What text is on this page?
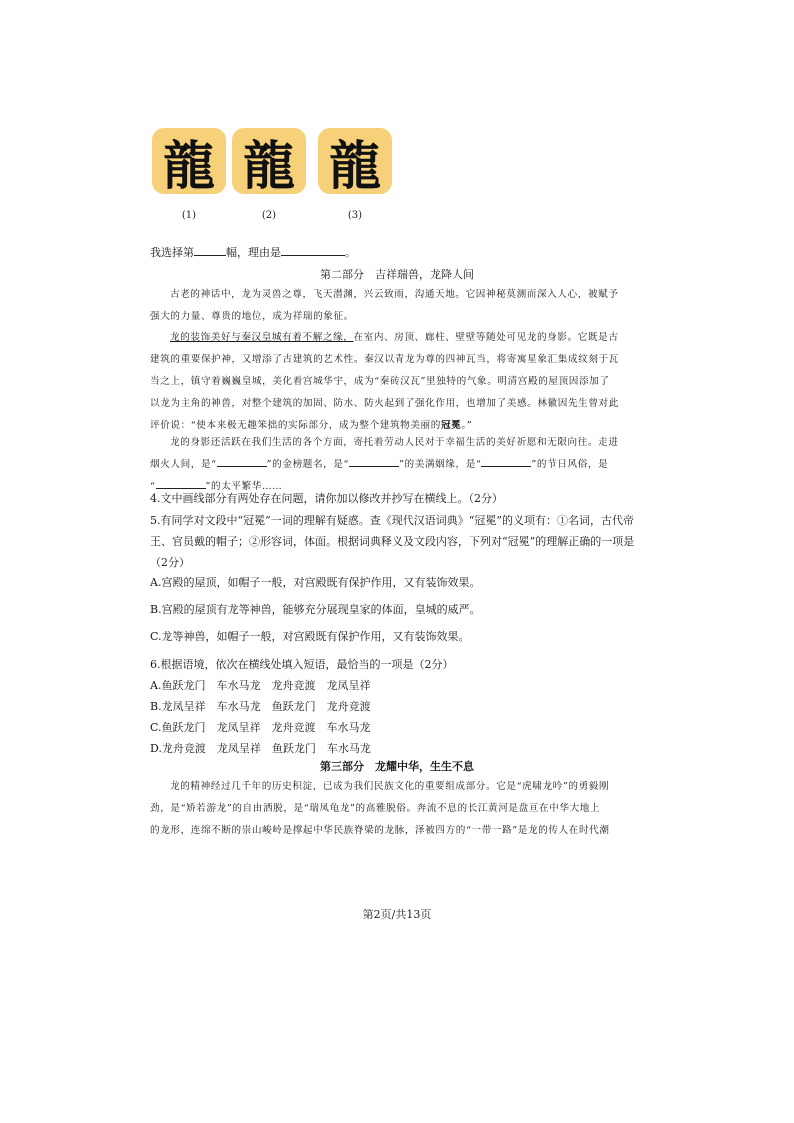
龍 龍 龍
(1)	(2)	(3)
我选择第	幅，理由是	。
第二部分　吉祥瑞兽，龙降人间
古老的神话中，龙为灵兽之尊，飞天潜渊，兴云致雨，沟通天地。它因神秘莫测而深入人心，被赋予
强大的力量、尊贵的地位，成为祥瑞的象征。
龙的装饰美好与秦汉皇城有着不解之缘，在室内、房顶、廊柱、壁壁等随处可见龙的身影。它既是古
建筑的重要保护神，又增添了古建筑的艺术性。秦汉以青龙为尊的四神瓦当，将寄寓星象汇集成纹刻于瓦
当之上，镇守着巍巍皇城，美化着宫城华宇，成为“秦砖汉瓦”里独特的气象。明清宫殿的屋顶因添加了
以龙为主角的神兽，对整个建筑的加固、防水、防火起到了强化作用，也增加了美感。林徽因先生曾对此
评价说：“使本来极无趣笨拙的实际部分，成为整个建筑物美丽的冠冕。”
龙的身影还活跃在我们生活的各个方面，寄托着劳动人民对于幸福生活的美好祈愿和无限向往。走进
烟火人间，是“	”的金榜题名，是“	”的美满姻缘，是“	”的节日风俗，是
“	”的太平繁华……
4.文中画线部分有两处存在问题，请你加以修改并抄写在横线上。（2分）
5.有同学对文段中“冠冕”一词的理解有疑惑。查《现代汉语词典》“冠冕”的义项有：①名词，古代帝
王、官员戴的帽子；②形容词，体面。根据词典释义及文段内容，下列对“冠冕”的理解正确的一项是
（2分）
A.宫殿的屋顶，如帽子一般，对宫殿既有保护作用，又有装饰效果。
B.宫殿的屋顶有龙等神兽，能够充分展现皇家的体面，皇城的威严。
C.龙等神兽，如帽子一般，对宫殿既有保护作用，又有装饰效果。
6.根据语境，依次在横线处填入短语，最恰当的一项是（2分）
A.鱼跃龙门　车水马龙　龙舟竞渡　龙凤呈祥
B.龙凤呈祥　车水马龙　鱼跃龙门　龙舟竞渡
C.鱼跃龙门　龙凤呈祥　龙舟竞渡　车水马龙
D.龙舟竞渡　龙凤呈祥　鱼跃龙门　车水马龙
第三部分　龙耀中华，生生不息
龙的精神经过几千年的历史积淀，已成为我们民族文化的重要组成部分。它是“虎啸龙吟”的勇毅刚
劲，是“矫若游龙”的自由洒脱，是“瑞凤龟龙”的高雅脱俗。奔流不息的长江黄河是盘亘在中华大地上
的龙形，连绵不断的崇山峻岭是撑起中华民族脊梁的龙脉，泽被四方的“一带一路”是龙的传人在时代潮
第2页/共13页
